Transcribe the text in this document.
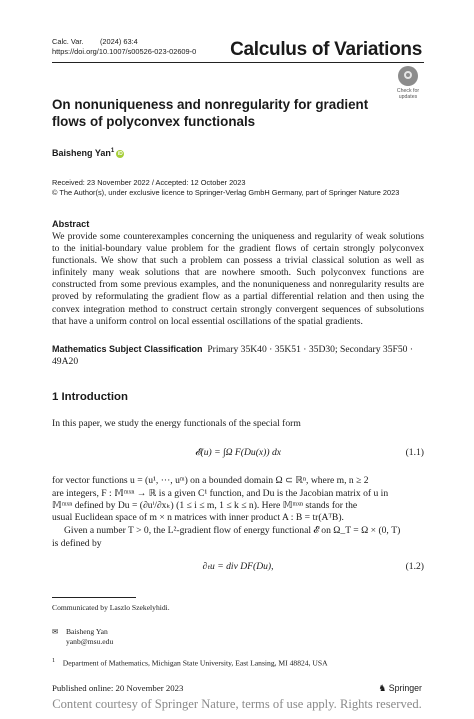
Calc. Var. (2024) 63:4
https://doi.org/10.1007/s00526-023-02609-0 Calculus of Variations
Check for updates
On nonuniqueness and nonregularity for gradient flows of polyconvex functionals
Baisheng Yan$^1$ iD
Received: 23 November 2022 / Accepted: 12 October 2023
© The Author(s), under exclusive licence to Springer-Verlag GmbH Germany, part of Springer Nature 2023
Abstract
We provide some counterexamples concerning the uniqueness and regularity of weak solutions to the initial-boundary value problem for the gradient flows of certain strongly polyconvex functionals. We show that such a problem can possess a trivial classical solution as well as infinitely many weak solutions that are nowhere smooth. Such polyconvex functions are constructed from some previous examples, and the nonuniqueness and nonregularity results are proved by reformulating the gradient flow as a partial differential relation and then using the convex integration method to construct certain strongly convergent sequences of subsolutions that have a uniform control on local essential oscillations of the spatial gradients.
Mathematics Subject Classification Primary 35K40 · 35K51 · 35D30; Secondary 35F50 · 49A20
1 Introduction
In this paper, we study the energy functionals of the special form
𝓔(u) = ∫Ω F(Du(x)) dx	(1.1)
for vector functions u = (u¹, ···, uᵐ) on a bounded domain Ω ⊂ ℝⁿ, where m, n ≥ 2
are integers, F : 𝕄ᵐˣⁿ → ℝ is a given C¹ function, and Du is the Jacobian matrix of u in
𝕄ᵐˣⁿ defined by Du = (∂uⁱ/∂xₖ) (1 ≤ i ≤ m, 1 ≤ k ≤ n). Here 𝕄ᵐˣⁿ stands for the
usual Euclidean space of m × n matrices with inner product A : B = tr(AᵀB).
Given a number T > 0, the L²-gradient flow of energy functional 𝓔 on Ω_T = Ω × (0, T)
is defined by
∂ₜu = div DF(Du),	(1.2)
Communicated by Laszlo Szekelyhidi.
✉ Baisheng Yan
yanb@msu.edu
$^1$ Department of Mathematics, Michigan State University, East Lansing, MI 48824, USA
Published online: 20 November 2023	♞ Springer
Content courtesy of Springer Nature, terms of use apply. Rights reserved.
